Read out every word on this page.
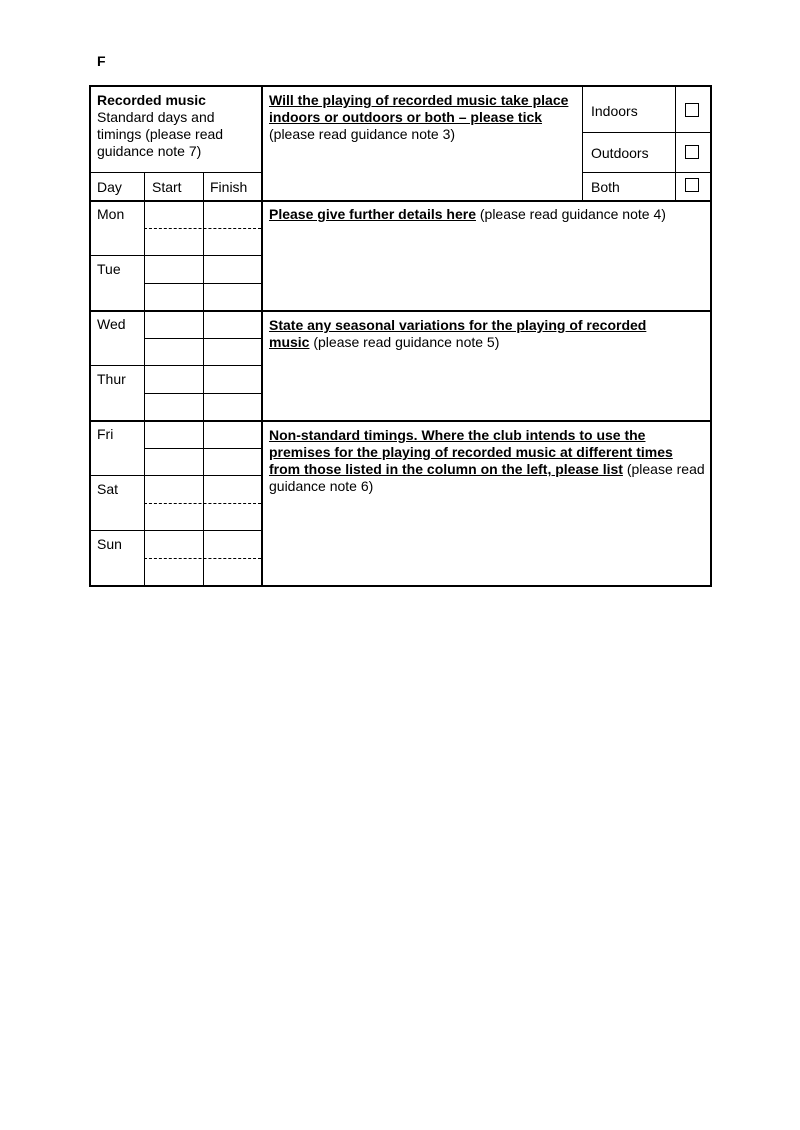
F
Recorded music
Standard days and timings (please read guidance note 7)
Day Start Finish
Mon
Tue
Wed
Thur
Fri
Sat
Sun
Will the playing of recorded music take place indoors or outdoors or both – please tick (please read guidance note 3)
Indoors
Outdoors
Both
Please give further details here (please read guidance note 4)
State any seasonal variations for the playing of recorded music (please read guidance note 5)
Non-standard timings. Where the club intends to use the premises for the playing of recorded music at different times from those listed in the column on the left, please list (please read guidance note 6)
